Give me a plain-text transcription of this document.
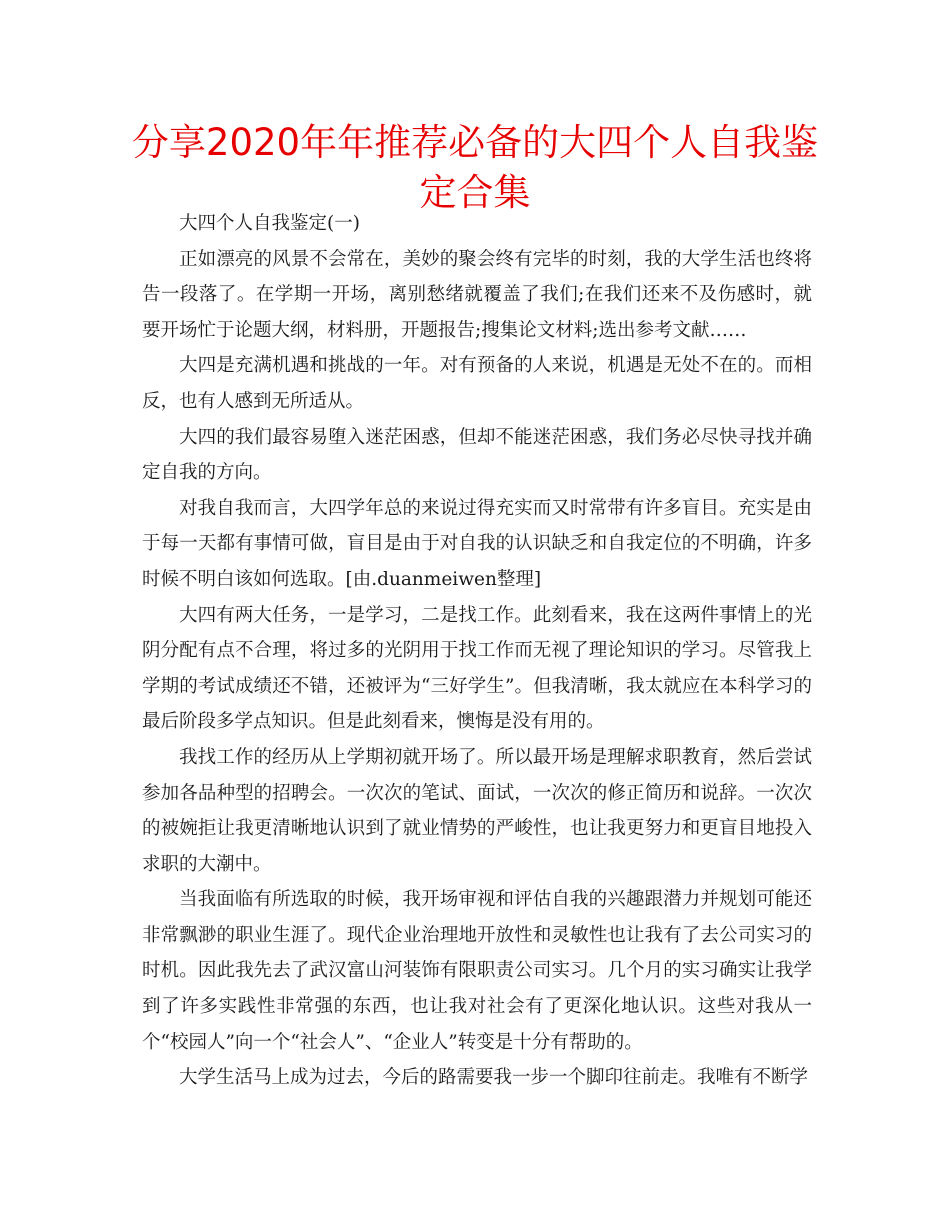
分享2020年年推荐必备的大四个人自我鉴定合集

大四个人自我鉴定(一)

正如漂亮的风景不会常在，美妙的聚会终有完毕的时刻，我的大学生活也终将告一段落了。在学期一开场，离别愁绪就覆盖了我们;在我们还来不及伤感时，就要开场忙于论题大纲，材料册，开题报告;搜集论文材料;选出参考文献……

大四是充满机遇和挑战的一年。对有预备的人来说，机遇是无处不在的。而相反，也有人感到无所适从。

大四的我们最容易堕入迷茫困惑，但却不能迷茫困惑，我们务必尽快寻找并确定自我的方向。

对我自我而言，大四学年总的来说过得充实而又时常带有许多盲目。充实是由于每一天都有事情可做，盲目是由于对自我的认识缺乏和自我定位的不明确，许多时候不明白该如何选取。[由.duanmeiwen整理]

大四有两大任务，一是学习，二是找工作。此刻看来，我在这两件事情上的光阴分配有点不合理，将过多的光阴用于找工作而无视了理论知识的学习。尽管我上学期的考试成绩还不错，还被评为“三好学生”。但我清晰，我太就应在本科学习的最后阶段多学点知识。但是此刻看来，懊悔是没有用的。

我找工作的经历从上学期初就开场了。所以最开场是理解求职教育，然后尝试参加各品种型的招聘会。一次次的笔试、面试，一次次的修正简历和说辞。一次次的被婉拒让我更清晰地认识到了就业情势的严峻性，也让我更努力和更盲目地投入求职的大潮中。

当我面临有所选取的时候，我开场审视和评估自我的兴趣跟潜力并规划可能还非常飘渺的职业生涯了。现代企业治理地开放性和灵敏性也让我有了去公司实习的时机。因此我先去了武汉富山河装饰有限职责公司实习。几个月的实习确实让我学到了许多实践性非常强的东西，也让我对社会有了更深化地认识。这些对我从一个“校园人”向一个“社会人”、“企业人”转变是十分有帮助的。

大学生活马上成为过去，今后的路需要我一步一个脚印往前走。我唯有不断学
